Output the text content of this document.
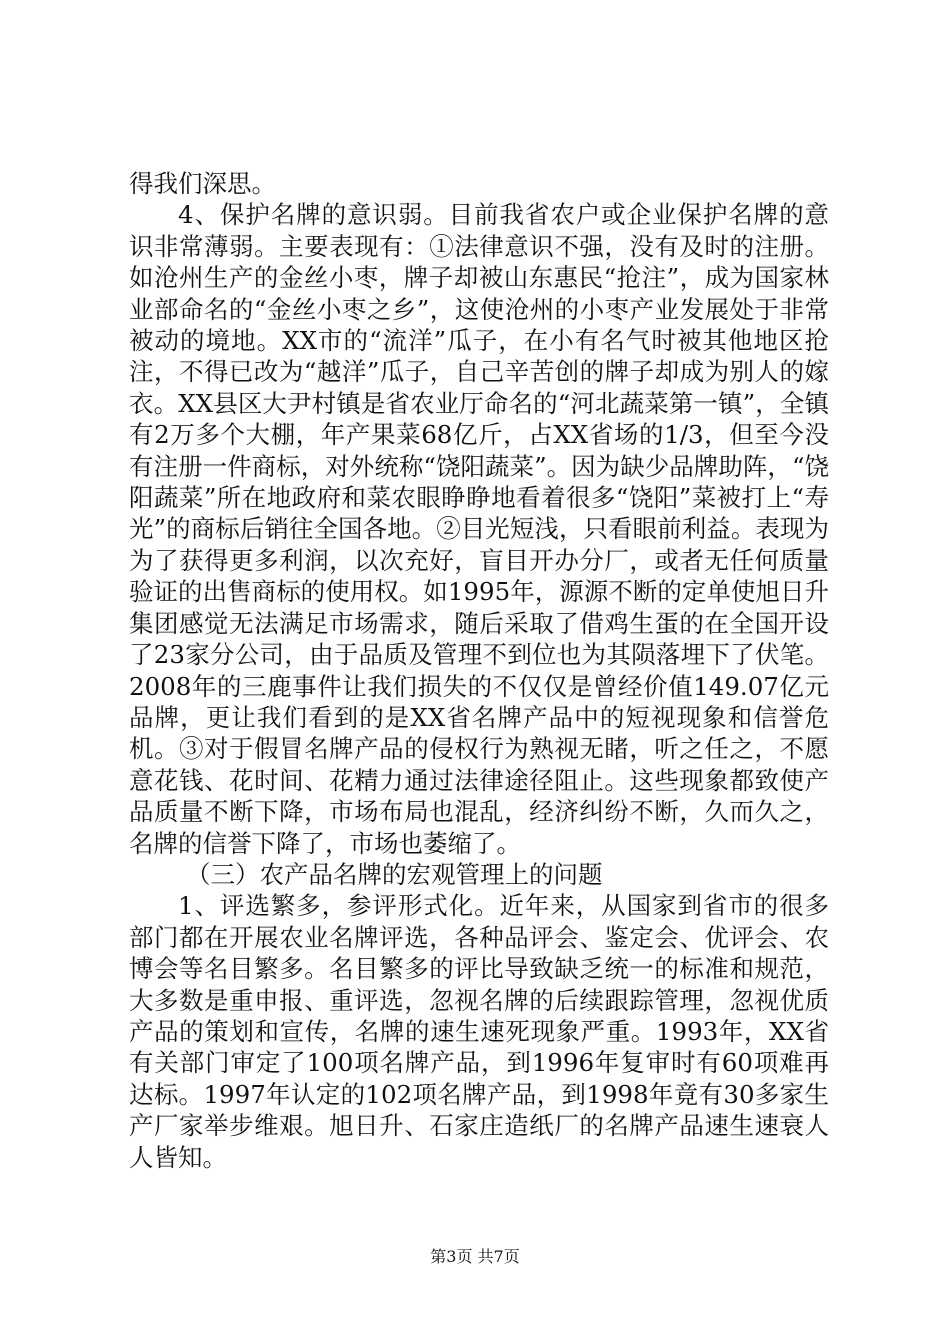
得我们深思。

4、保护名牌的意识弱。目前我省农户或企业保护名牌的意识非常薄弱。主要表现有：①法律意识不强，没有及时的注册。如沧州生产的金丝小枣，牌子却被山东惠民“抢注”，成为国家林业部命名的“金丝小枣之乡”，这使沧州的小枣产业发展处于非常被动的境地。XX市的“流洋”瓜子，在小有名气时被其他地区抢注，不得已改为“越洋”瓜子，自己辛苦创的牌子却成为别人的嫁衣。XX县区大尹村镇是省农业厅命名的“河北蔬菜第一镇”，全镇有2万多个大棚，年产果菜68亿斤，占XX省场的1/3，但至今没有注册一件商标，对外统称“饶阳蔬菜”。因为缺少品牌助阵，“饶阳蔬菜”所在地政府和菜农眼睁睁地看着很多“饶阳”菜被打上“寿光”的商标后销往全国各地。②目光短浅，只看眼前利益。表现为为了获得更多利润，以次充好，盲目开办分厂，或者无任何质量验证的出售商标的使用权。如1995年，源源不断的定单使旭日升集团感觉无法满足市场需求，随后采取了借鸡生蛋的在全国开设了23家分公司，由于品质及管理不到位也为其陨落埋下了伏笔。2008年的三鹿事件让我们损失的不仅仅是曾经价值149.07亿元品牌，更让我们看到的是XX省名牌产品中的短视现象和信誉危机。③对于假冒名牌产品的侵权行为熟视无睹，听之任之，不愿意花钱、花时间、花精力通过法律途径阻止。这些现象都致使产品质量不断下降，市场布局也混乱，经济纠纷不断，久而久之，名牌的信誉下降了，市场也萎缩了。

（三）农产品名牌的宏观管理上的问题

1、评选繁多，参评形式化。近年来，从国家到省市的很多部门都在开展农业名牌评选，各种品评会、鉴定会、优评会、农博会等名目繁多。名目繁多的评比导致缺乏统一的标准和规范，大多数是重申报、重评选，忽视名牌的后续跟踪管理，忽视优质产品的策划和宣传，名牌的速生速死现象严重。1993年，XX省有关部门审定了100项名牌产品，到1996年复审时有60项难再达标。1997年认定的102项名牌产品，到1998年竟有30多家生产厂家举步维艰。旭日升、石家庄造纸厂的名牌产品速生速衰人人皆知。

第3页 共7页
